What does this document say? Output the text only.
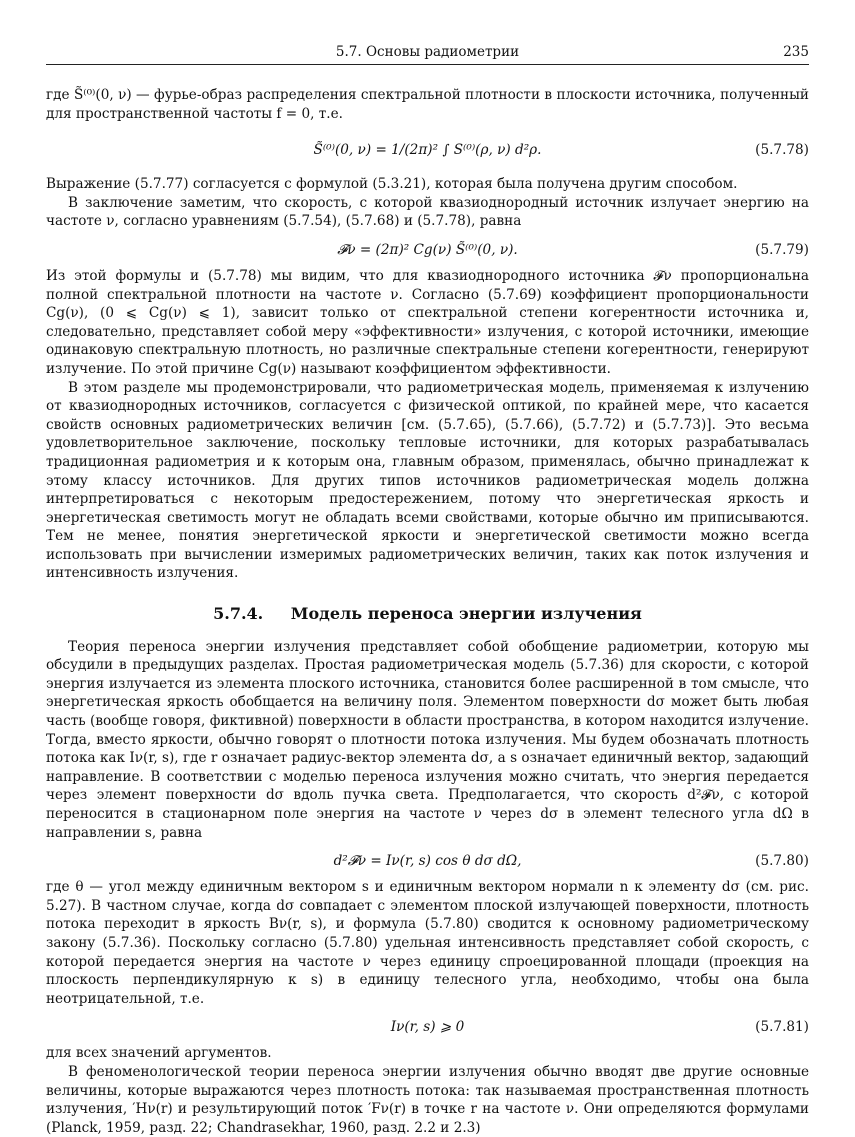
5.7. Основы радиометрии	235

где S̃⁽⁰⁾(0, ν) — фурье-образ распределения спектральной плотности в плоскости источника, полученный для пространственной частоты f = 0, т.е.

S̃⁽⁰⁾(0, ν) = 1/(2π)² ∫ S⁽⁰⁾(ρ, ν) d²ρ.	(5.7.78)

Выражение (5.7.77) согласуется с формулой (5.3.21), которая была получена другим способом.

В заключение заметим, что скорость, с которой квазиоднородный источник излучает энергию на частоте ν, согласно уравнениям (5.7.54), (5.7.68) и (5.7.78), равна

𝓕ν = (2π)² Cg(ν) S̃⁽⁰⁾(0, ν).	(5.7.79)

Из этой формулы и (5.7.78) мы видим, что для квазиоднородного источника 𝓕ν пропорциональна полной спектральной плотности на частоте ν. Согласно (5.7.69) коэффициент пропорциональности Cg(ν), (0 ⩽ Cg(ν) ⩽ 1), зависит только от спектральной степени когерентности источника и, следовательно, представляет собой меру «эффективности» излучения, с которой источники, имеющие одинаковую спектральную плотность, но различные спектральные степени когерентности, генерируют излучение. По этой причине Cg(ν) называют коэффициентом эффективности.

В этом разделе мы продемонстрировали, что радиометрическая модель, применяемая к излучению от квазиоднородных источников, согласуется с физической оптикой, по крайней мере, что касается свойств основных радиометрических величин [см. (5.7.65), (5.7.66), (5.7.72) и (5.7.73)]. Это весьма удовлетворительное заключение, поскольку тепловые источники, для которых разрабатывалась традиционная радиометрия и к которым она, главным образом, применялась, обычно принадлежат к этому классу источников. Для других типов источников радиометрическая модель должна интерпретироваться с некоторым предостережением, потому что энергетическая яркость и энергетическая светимость могут не обладать всеми свойствами, которые обычно им приписываются. Тем не менее, понятия энергетической яркости и энергетической светимости можно всегда использовать при вычислении измеримых радиометрических величин, таких как поток излучения и интенсивность излучения.

5.7.4. Модель переноса энергии излучения

Теория переноса энергии излучения представляет собой обобщение радиометрии, которую мы обсудили в предыдущих разделах. Простая радиометрическая модель (5.7.36) для скорости, с которой энергия излучается из элемента плоского источника, становится более расширенной в том смысле, что энергетическая яркость обобщается на величину поля. Элементом поверхности dσ может быть любая часть (вообще говоря, фиктивной) поверхности в области пространства, в котором находится излучение. Тогда, вместо яркости, обычно говорят о плотности потока излучения. Мы будем обозначать плотность потока как Iν(r, s), где r означает радиус-вектор элемента dσ, а s означает единичный вектор, задающий направление. В соответствии с моделью переноса излучения можно считать, что энергия передается через элемент поверхности dσ вдоль пучка света. Предполагается, что скорость d²𝓕ν, с которой переносится в стационарном поле энергия на частоте ν через dσ в элемент телесного угла dΩ в направлении s, равна

d²𝓕ν = Iν(r, s) cos θ dσ dΩ,	(5.7.80)

где θ — угол между единичным вектором s и единичным вектором нормали n к элементу dσ (см. рис. 5.27). В частном случае, когда dσ совпадает с элементом плоской излучающей поверхности, плотность потока переходит в яркость Bν(r, s), и формула (5.7.80) сводится к основному радиометрическому закону (5.7.36). Поскольку согласно (5.7.80) удельная интенсивность представляет собой скорость, с которой передается энергия на частоте ν через единицу спроецированной площади (проекция на плоскость перпендикулярную к s) в единицу телесного угла, необходимо, чтобы она была неотрицательной, т.е.

Iν(r, s) ⩾ 0	(5.7.81)

для всех значений аргументов.

В феноменологической теории переноса энергии излучения обычно вводят две другие основные величины, которые выражаются через плотность потока: так называемая пространственная плотность излучения, ′Hν(r) и результирующий поток ′Fν(r) в точке r на частоте ν. Они определяются формулами (Planck, 1959, разд. 22; Chandrasekhar, 1960, разд. 2.2 и 2.3)
